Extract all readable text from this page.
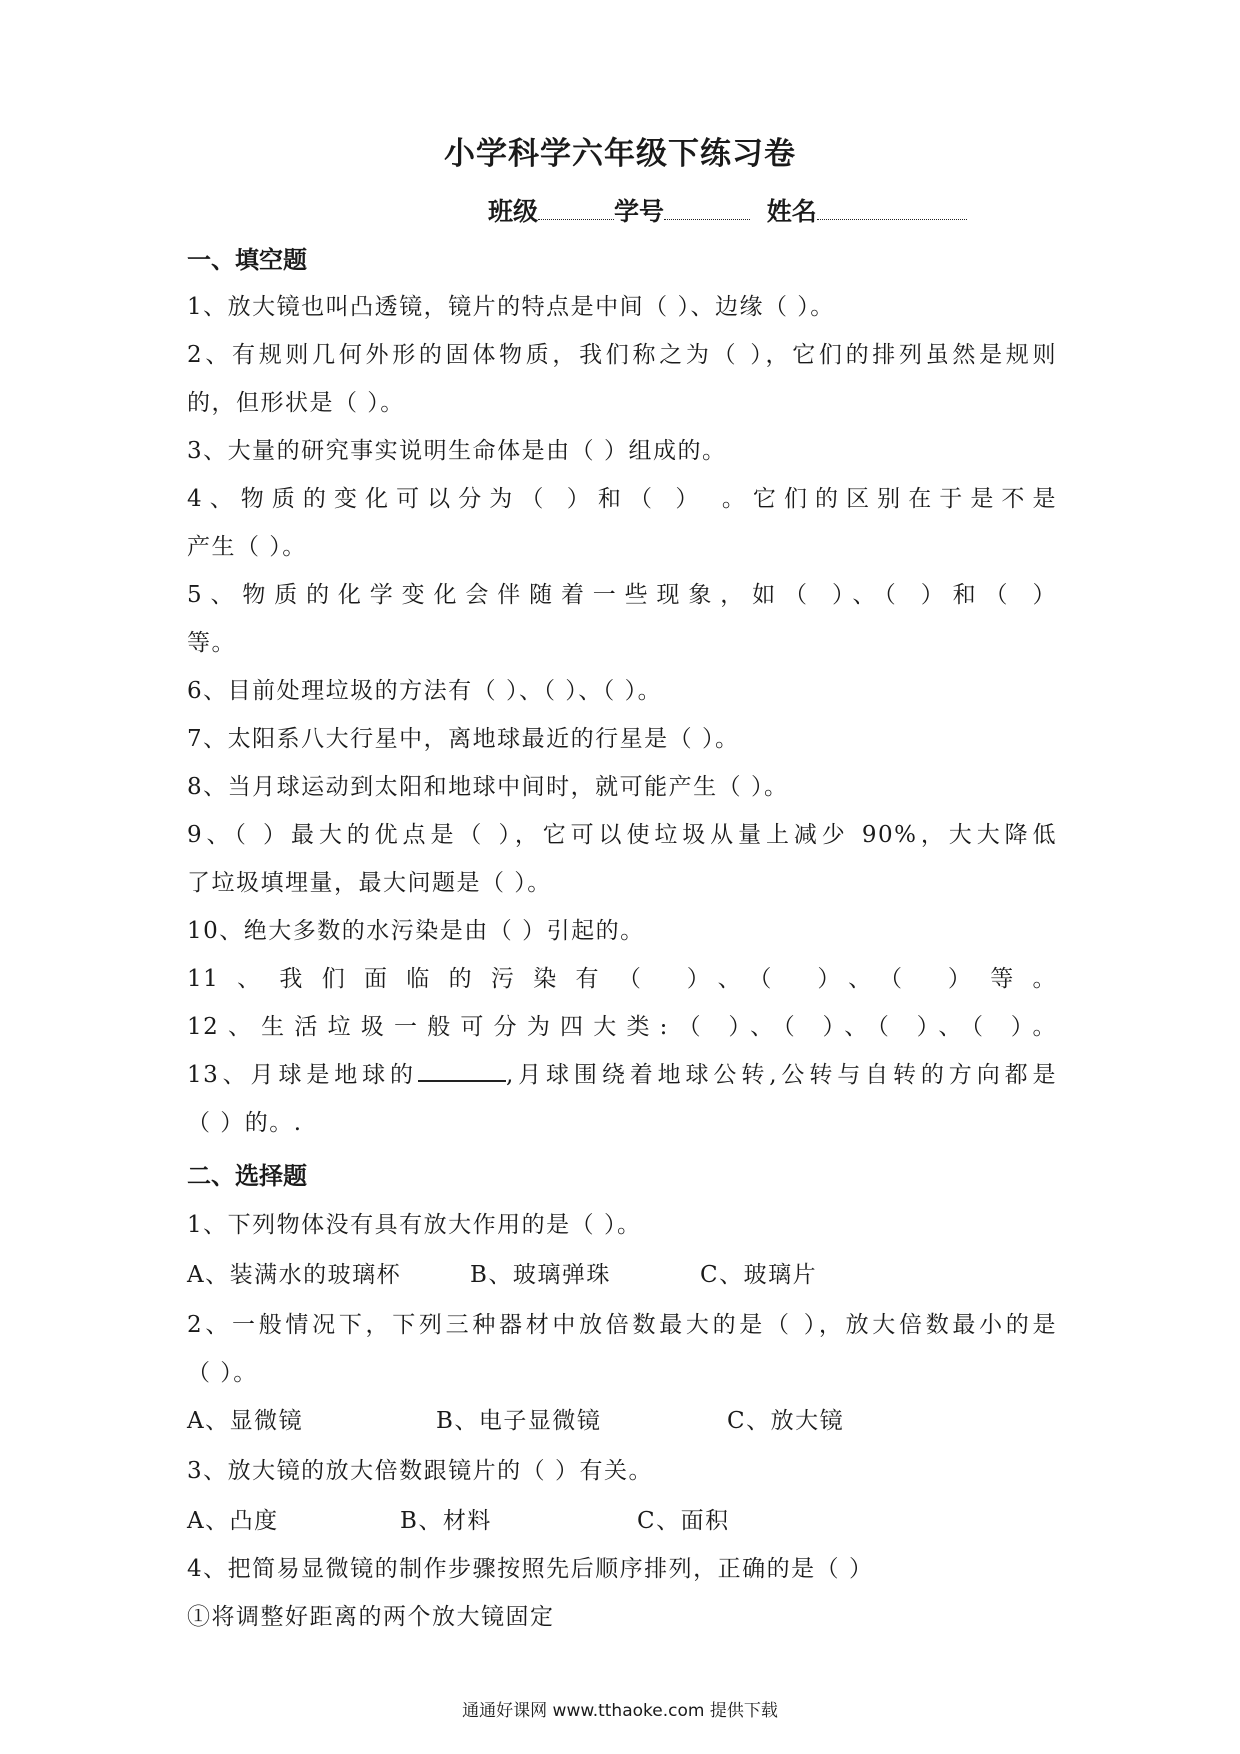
小学科学六年级下练习卷
班级	学号	姓名
一、填空题
1、放大镜也叫凸透镜，镜片的特点是中间（ ）、边缘（ ）。
2、有规则几何外形的固体物质，我们称之为（ ），它们的排列虽然是规则
的，但形状是（ ）。
3、大量的研究事实说明生命体是由（ ）组成的。
4、物质的变化可以分为（ ）和（ ） 。它们的区别在于是不是
产生（ ）。
5、物质的化学变化会伴随着一些现象，如（ ）、（ ）和（ ）
等。
6、目前处理垃圾的方法有（ ）、（ ）、（ ）。
7、太阳系八大行星中，离地球最近的行星是（ ）。
8、当月球运动到太阳和地球中间时，就可能产生（ ）。
9、（ ）最大的优点是（ ），它可以使垃圾从量上减少 90%，大大降低
了垃圾填埋量，最大问题是（ ）。
10、绝大多数的水污染是由（ ）引起的。
11、我们面临的污染有（ ）、（ ）、（ ）等。
12、生活垃圾一般可分为四大类:（ ）、（ ）、（ ）、（ ）。
13、月球是地球的	,月球围绕着地球公转,公转与自转的方向都是
（ ）的。.
二、选择题
1、下列物体没有具有放大作用的是（ ）。
A、装满水的玻璃杯	B、玻璃弹珠	C、玻璃片
2、一般情况下，下列三种器材中放倍数最大的是（ ），放大倍数最小的是
（ ）。
A、显微镜	B、电子显微镜	C、放大镜
3、放大镜的放大倍数跟镜片的（ ）有关。
A、凸度	B、材料	C、面积
4、把简易显微镜的制作步骤按照先后顺序排列，正确的是（ ）
①将调整好距离的两个放大镜固定
通通好课网 www.tthaoke.com 提供下载
